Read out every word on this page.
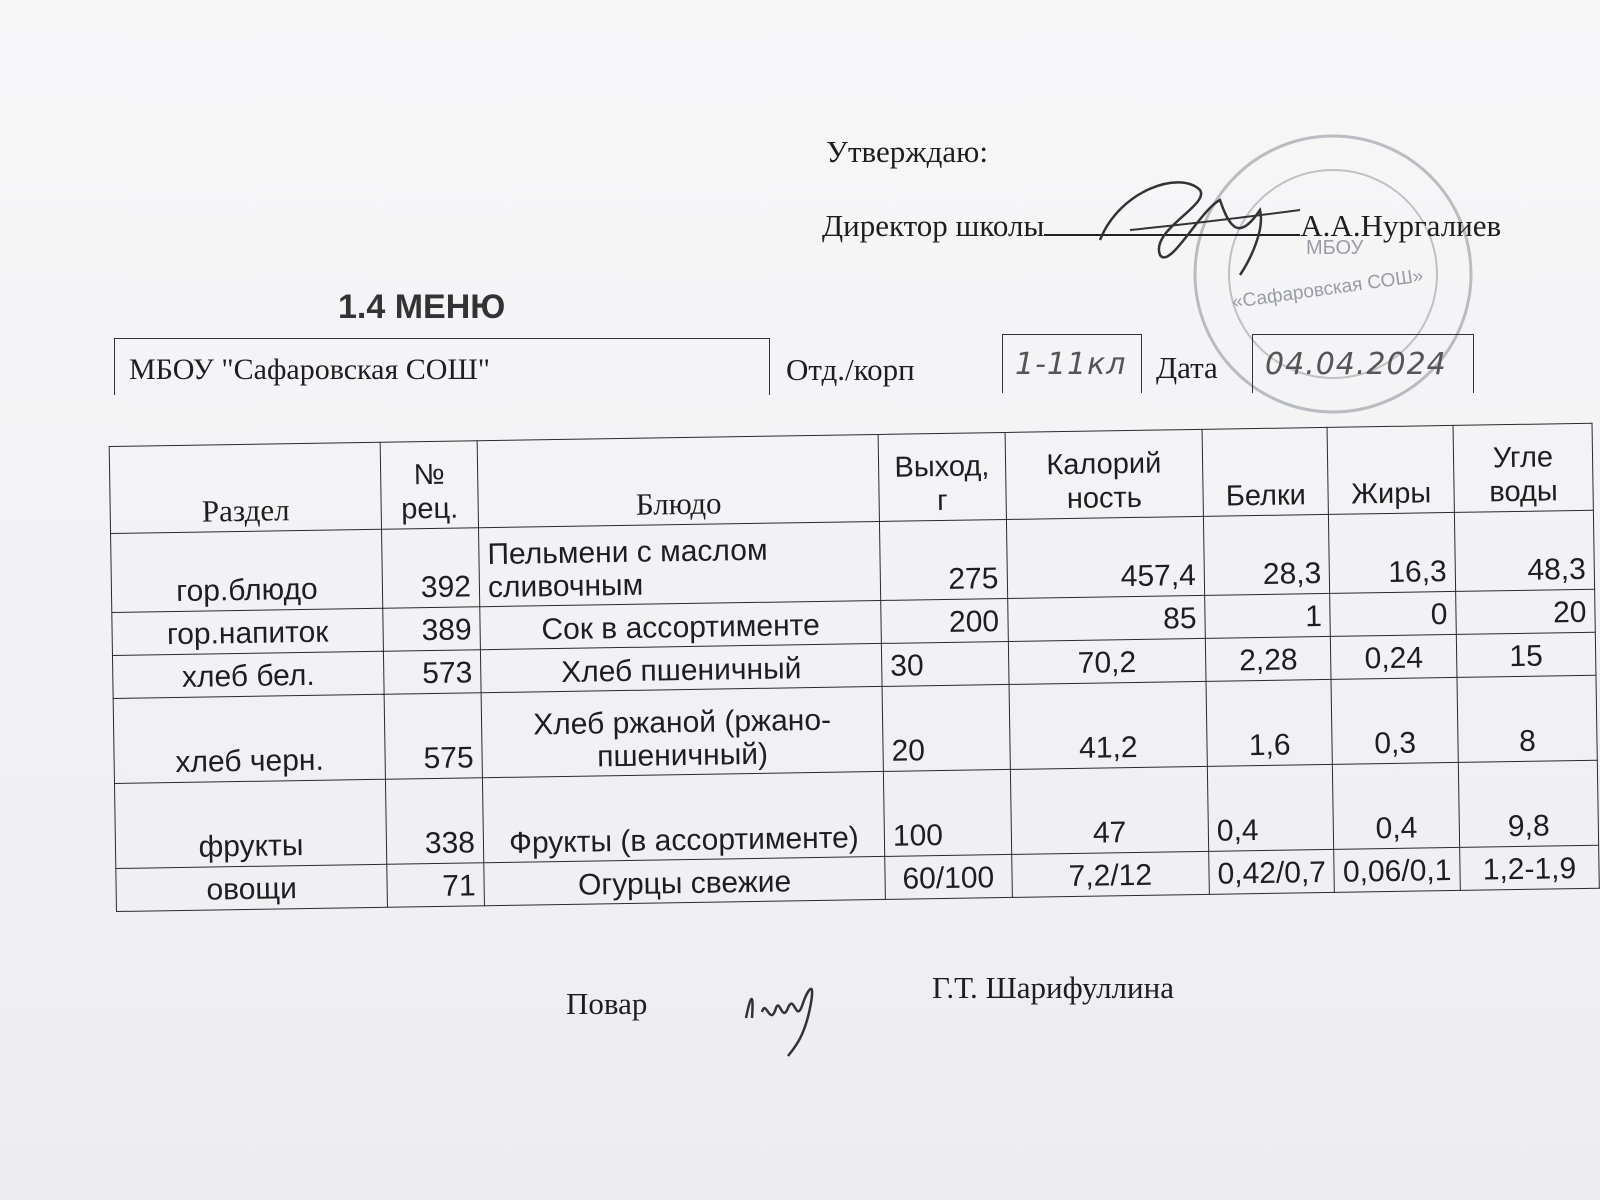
МБОУ
«Сафаровская СОШ»
Утверждаю:
Директор школы	А.А.Нургалиев
1.4 МЕНЮ
МБОУ "Сафаровская СОШ"	Отд./корп	1-11кл Дата 04.04.2024
Раздел	№ рец.	Блюдо	Выход, г	Калорий ность	Белки	Жиры	Угле воды
гор.блюдо	392	Пельмени с маслом сливочным	275	457,4	28,3	16,3	48,3
гор.напиток	389	Сок в ассортименте	200	85	1	0	20
хлеб бел.	573	Хлеб пшеничный	30	70,2	2,28	0,24	15
хлеб черн.	575	Хлеб ржаной (ржано-пшеничный)	20	41,2	1,6	0,3	8
фрукты	338	Фрукты (в ассортименте)	100	47	0,4	0,4	9,8
овощи	71	Огурцы свежие	60/100	7,2/12	0,42/0,7	0,06/0,1	1,2-1,9
Повар	Г.Т. Шарифуллина
